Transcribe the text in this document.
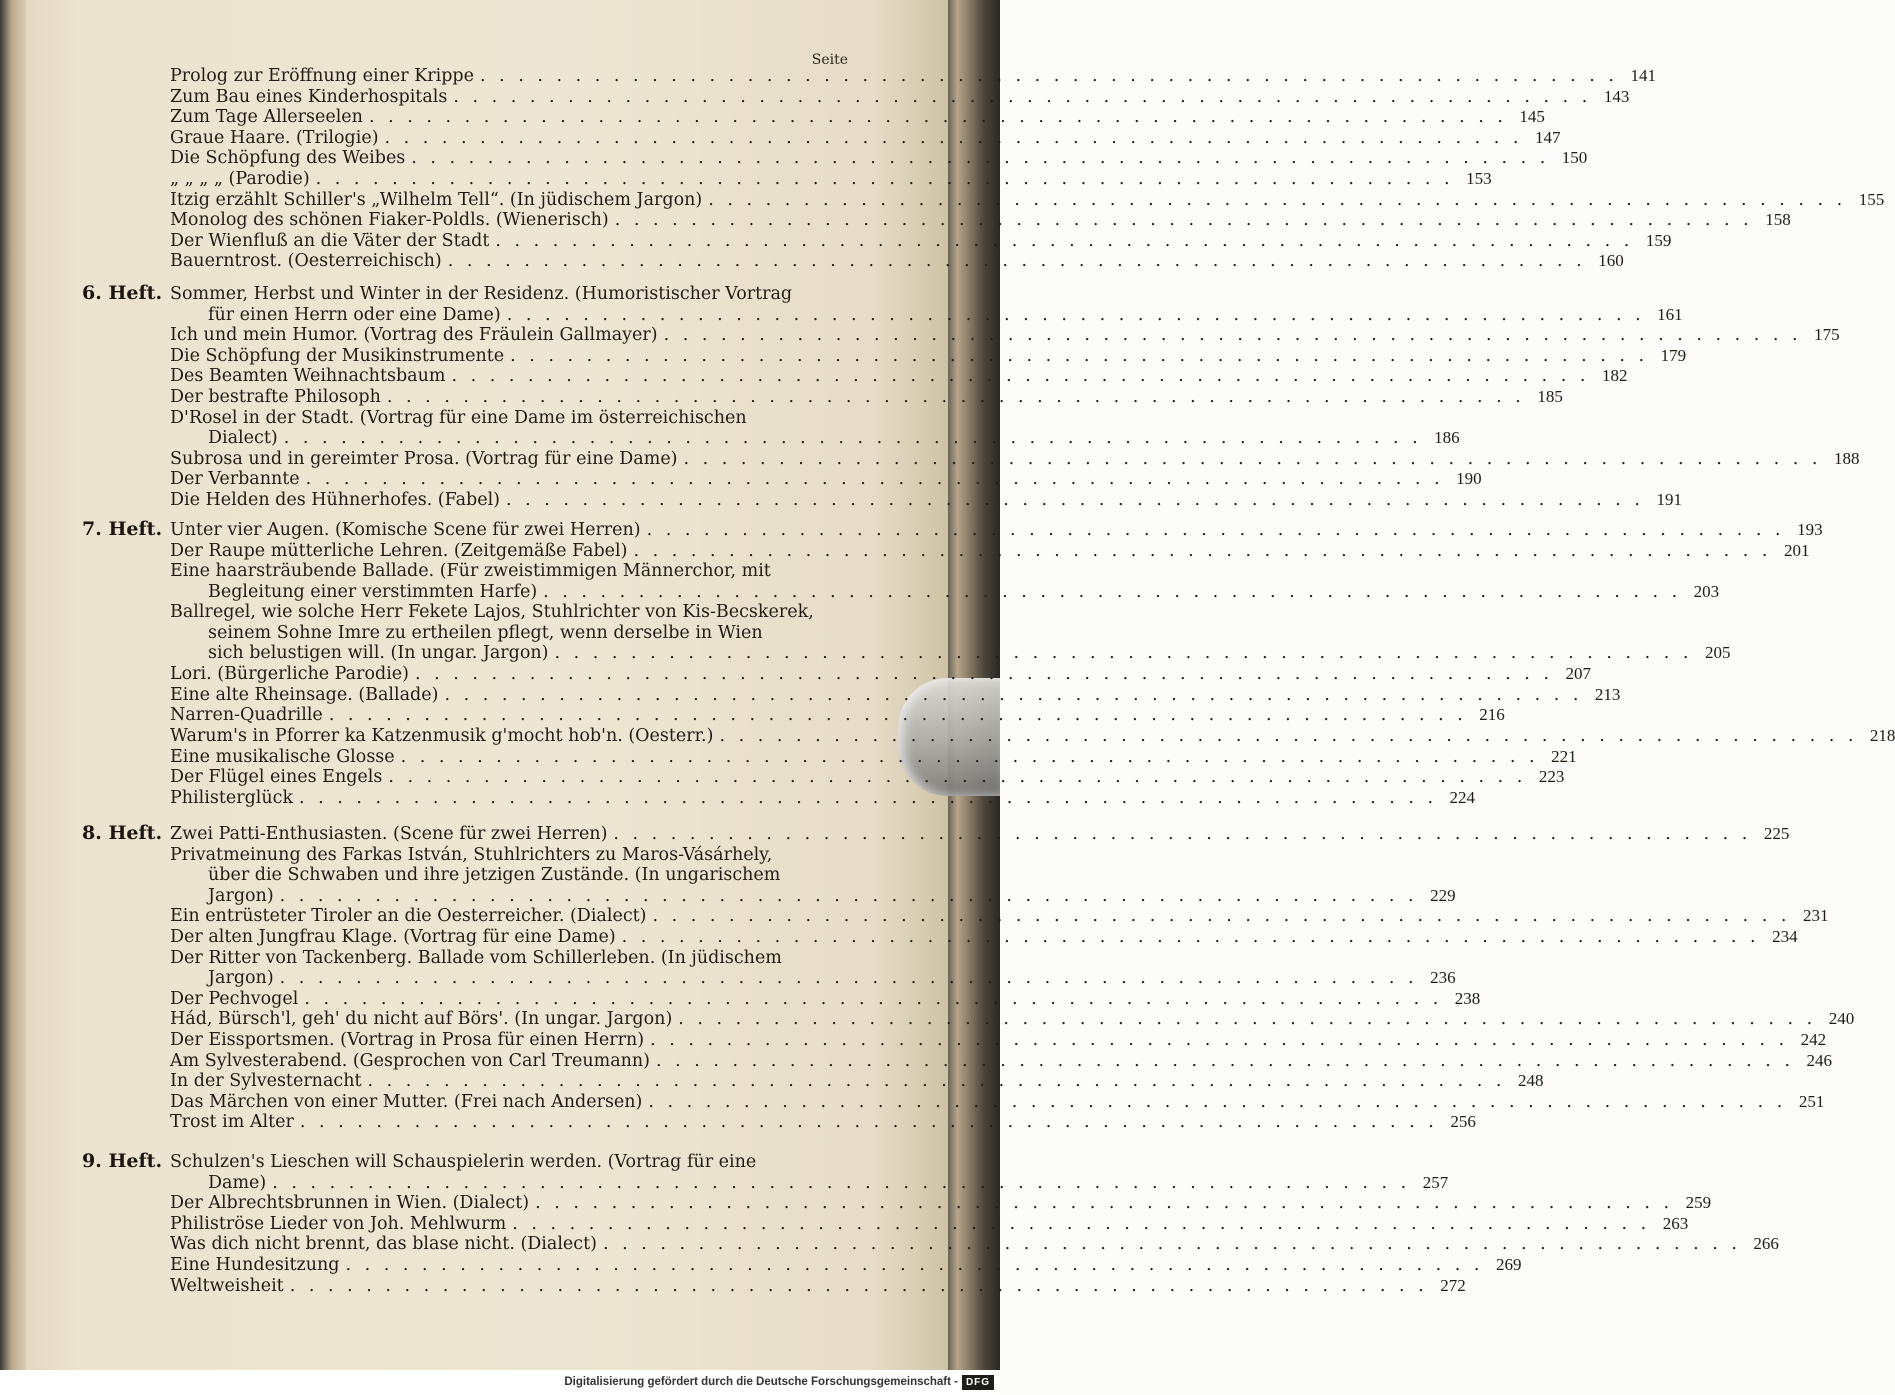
Seite
Prolog zur Eröffnung einer Krippe . . . . . . . . . . . . . . . . . . . . . . . . . . . . . . . . . . . . . . . . . . . . . . . . . . . . . . . . . . . . 141
Zum Bau eines Kinderhospitals . . . . . . . . . . . . . . . . . . . . . . . . . . . . . . . . . . . . . . . . . . . . . . . . . . . . . . . . . . . . 143
Zum Tage Allerseelen . . . . . . . . . . . . . . . . . . . . . . . . . . . . . . . . . . . . . . . . . . . . . . . . . . . . . . . . . . . . 145
Graue Haare. (Trilogie) . . . . . . . . . . . . . . . . . . . . . . . . . . . . . . . . . . . . . . . . . . . . . . . . . . . . . . . . . . . . 147
Die Schöpfung des Weibes . . . . . . . . . . . . . . . . . . . . . . . . . . . . . . . . . . . . . . . . . . . . . . . . . . . . . . . . . . . . 150
„ „ „ „ (Parodie) . . . . . . . . . . . . . . . . . . . . . . . . . . . . . . . . . . . . . . . . . . . . . . . . . . . . . . . . . . . . 153
Itzig erzählt Schiller's „Wilhelm Tell“. (In jüdischem Jargon) . . . . . . . . . . . . . . . . . . . . . . . . . . . . . . . . . . . . . . . . . . . . . . . . . . . . . . . . . . . . 155
Monolog des schönen Fiaker-Poldls. (Wienerisch) . . . . . . . . . . . . . . . . . . . . . . . . . . . . . . . . . . . . . . . . . . . . . . . . . . . . . . . . . . . . 158
Der Wienfluß an die Väter der Stadt . . . . . . . . . . . . . . . . . . . . . . . . . . . . . . . . . . . . . . . . . . . . . . . . . . . . . . . . . . . . 159
Bauerntrost. (Oesterreichisch) . . . . . . . . . . . . . . . . . . . . . . . . . . . . . . . . . . . . . . . . . . . . . . . . . . . . . . . . . . . . 160
6. Heft. Sommer, Herbst und Winter in der Residenz. (Humoristischer Vortrag
für einen Herrn oder eine Dame) . . . . . . . . . . . . . . . . . . . . . . . . . . . . . . . . . . . . . . . . . . . . . . . . . . . . . . . . . . . . 161
Ich und mein Humor. (Vortrag des Fräulein Gallmayer) . . . . . . . . . . . . . . . . . . . . . . . . . . . . . . . . . . . . . . . . . . . . . . . . . . . . . . . . . . . . 175
Die Schöpfung der Musikinstrumente . . . . . . . . . . . . . . . . . . . . . . . . . . . . . . . . . . . . . . . . . . . . . . . . . . . . . . . . . . . . 179
Des Beamten Weihnachtsbaum . . . . . . . . . . . . . . . . . . . . . . . . . . . . . . . . . . . . . . . . . . . . . . . . . . . . . . . . . . . . 182
Der bestrafte Philosoph . . . . . . . . . . . . . . . . . . . . . . . . . . . . . . . . . . . . . . . . . . . . . . . . . . . . . . . . . . . . 185
D'Rosel in der Stadt. (Vortrag für eine Dame im österreichischen
Dialect) . . . . . . . . . . . . . . . . . . . . . . . . . . . . . . . . . . . . . . . . . . . . . . . . . . . . . . . . . . . . 186
Subrosa und in gereimter Prosa. (Vortrag für eine Dame) . . . . . . . . . . . . . . . . . . . . . . . . . . . . . . . . . . . . . . . . . . . . . . . . . . . . . . . . . . . . 188
Der Verbannte . . . . . . . . . . . . . . . . . . . . . . . . . . . . . . . . . . . . . . . . . . . . . . . . . . . . . . . . . . . . 190
Die Helden des Hühnerhofes. (Fabel) . . . . . . . . . . . . . . . . . . . . . . . . . . . . . . . . . . . . . . . . . . . . . . . . . . . . . . . . . . . . 191
7. Heft. Unter vier Augen. (Komische Scene für zwei Herren) . . . . . . . . . . . . . . . . . . . . . . . . . . . . . . . . . . . . . . . . . . . . . . . . . . . . . . . . . . . . 193
Der Raupe mütterliche Lehren. (Zeitgemäße Fabel) . . . . . . . . . . . . . . . . . . . . . . . . . . . . . . . . . . . . . . . . . . . . . . . . . . . . . . . . . . . . 201
Eine haarsträubende Ballade. (Für zweistimmigen Männerchor, mit
Begleitung einer verstimmten Harfe) . . . . . . . . . . . . . . . . . . . . . . . . . . . . . . . . . . . . . . . . . . . . . . . . . . . . . . . . . . . . 203
Ballregel, wie solche Herr Fekete Lajos, Stuhlrichter von Kis-Becskerek,
seinem Sohne Imre zu ertheilen pflegt, wenn derselbe in Wien
sich belustigen will. (In ungar. Jargon) . . . . . . . . . . . . . . . . . . . . . . . . . . . . . . . . . . . . . . . . . . . . . . . . . . . . . . . . . . . . 205
Lori. (Bürgerliche Parodie) . . . . . . . . . . . . . . . . . . . . . . . . . . . . . . . . . . . . . . . . . . . . . . . . . . . . . . . . . . . . 207
Eine alte Rheinsage. (Ballade) . . . . . . . . . . . . . . . . . . . . . . . . . . . . . . . . . . . . . . . . . . . . . . . . . . . . . . . . . . . . 213
Narren-Quadrille . . . . . . . . . . . . . . . . . . . . . . . . . . . . . . . . . . . . . . . . . . . . . . . . . . . . . . . . . . . . 216
Warum's in Pforrer ka Katzenmusik g'mocht hob'n. (Oesterr.) . . . . . . . . . . . . . . . . . . . . . . . . . . . . . . . . . . . . . . . . . . . . . . . . . . . . . . . . . . . . 218
Eine musikalische Glosse . . . . . . . . . . . . . . . . . . . . . . . . . . . . . . . . . . . . . . . . . . . . . . . . . . . . . . . . . . . . 221
Der Flügel eines Engels . . . . . . . . . . . . . . . . . . . . . . . . . . . . . . . . . . . . . . . . . . . . . . . . . . . . . . . . . . . . 223
Philisterglück . . . . . . . . . . . . . . . . . . . . . . . . . . . . . . . . . . . . . . . . . . . . . . . . . . . . . . . . . . . . 224
8. Heft. Zwei Patti-Enthusiasten. (Scene für zwei Herren) . . . . . . . . . . . . . . . . . . . . . . . . . . . . . . . . . . . . . . . . . . . . . . . . . . . . . . . . . . . . 225
Privatmeinung des Farkas István, Stuhlrichters zu Maros-Vásárhely,
über die Schwaben und ihre jetzigen Zustände. (In ungarischem
Jargon) . . . . . . . . . . . . . . . . . . . . . . . . . . . . . . . . . . . . . . . . . . . . . . . . . . . . . . . . . . . . 229
Ein entrüsteter Tiroler an die Oesterreicher. (Dialect) . . . . . . . . . . . . . . . . . . . . . . . . . . . . . . . . . . . . . . . . . . . . . . . . . . . . . . . . . . . . 231
Der alten Jungfrau Klage. (Vortrag für eine Dame) . . . . . . . . . . . . . . . . . . . . . . . . . . . . . . . . . . . . . . . . . . . . . . . . . . . . . . . . . . . . 234
Der Ritter von Tackenberg. Ballade vom Schillerleben. (In jüdischem
Jargon) . . . . . . . . . . . . . . . . . . . . . . . . . . . . . . . . . . . . . . . . . . . . . . . . . . . . . . . . . . . . 236
Der Pechvogel . . . . . . . . . . . . . . . . . . . . . . . . . . . . . . . . . . . . . . . . . . . . . . . . . . . . . . . . . . . . 238
Hád, Bürsch'l, geh' du nicht auf Börs'. (In ungar. Jargon) . . . . . . . . . . . . . . . . . . . . . . . . . . . . . . . . . . . . . . . . . . . . . . . . . . . . . . . . . . . . 240
Der Eissportsmen. (Vortrag in Prosa für einen Herrn) . . . . . . . . . . . . . . . . . . . . . . . . . . . . . . . . . . . . . . . . . . . . . . . . . . . . . . . . . . . . 242
Am Sylvesterabend. (Gesprochen von Carl Treumann) . . . . . . . . . . . . . . . . . . . . . . . . . . . . . . . . . . . . . . . . . . . . . . . . . . . . . . . . . . . . 246
In der Sylvesternacht . . . . . . . . . . . . . . . . . . . . . . . . . . . . . . . . . . . . . . . . . . . . . . . . . . . . . . . . . . . . 248
Das Märchen von einer Mutter. (Frei nach Andersen) . . . . . . . . . . . . . . . . . . . . . . . . . . . . . . . . . . . . . . . . . . . . . . . . . . . . . . . . . . . . 251
Trost im Alter . . . . . . . . . . . . . . . . . . . . . . . . . . . . . . . . . . . . . . . . . . . . . . . . . . . . . . . . . . . . 256
9. Heft. Schulzen's Lieschen will Schauspielerin werden. (Vortrag für eine
Dame) . . . . . . . . . . . . . . . . . . . . . . . . . . . . . . . . . . . . . . . . . . . . . . . . . . . . . . . . . . . . 257
Der Albrechtsbrunnen in Wien. (Dialect) . . . . . . . . . . . . . . . . . . . . . . . . . . . . . . . . . . . . . . . . . . . . . . . . . . . . . . . . . . . . 259
Philiströse Lieder von Joh. Mehlwurm . . . . . . . . . . . . . . . . . . . . . . . . . . . . . . . . . . . . . . . . . . . . . . . . . . . . . . . . . . . . 263
Was dich nicht brennt, das blase nicht. (Dialect) . . . . . . . . . . . . . . . . . . . . . . . . . . . . . . . . . . . . . . . . . . . . . . . . . . . . . . . . . . . . 266
Eine Hundesitzung . . . . . . . . . . . . . . . . . . . . . . . . . . . . . . . . . . . . . . . . . . . . . . . . . . . . . . . . . . . . 269
Weltweisheit . . . . . . . . . . . . . . . . . . . . . . . . . . . . . . . . . . . . . . . . . . . . . . . . . . . . . . . . . . . . 272
Digitalisierung gefördert durch die Deutsche Forschungsgemeinschaft - DFG
